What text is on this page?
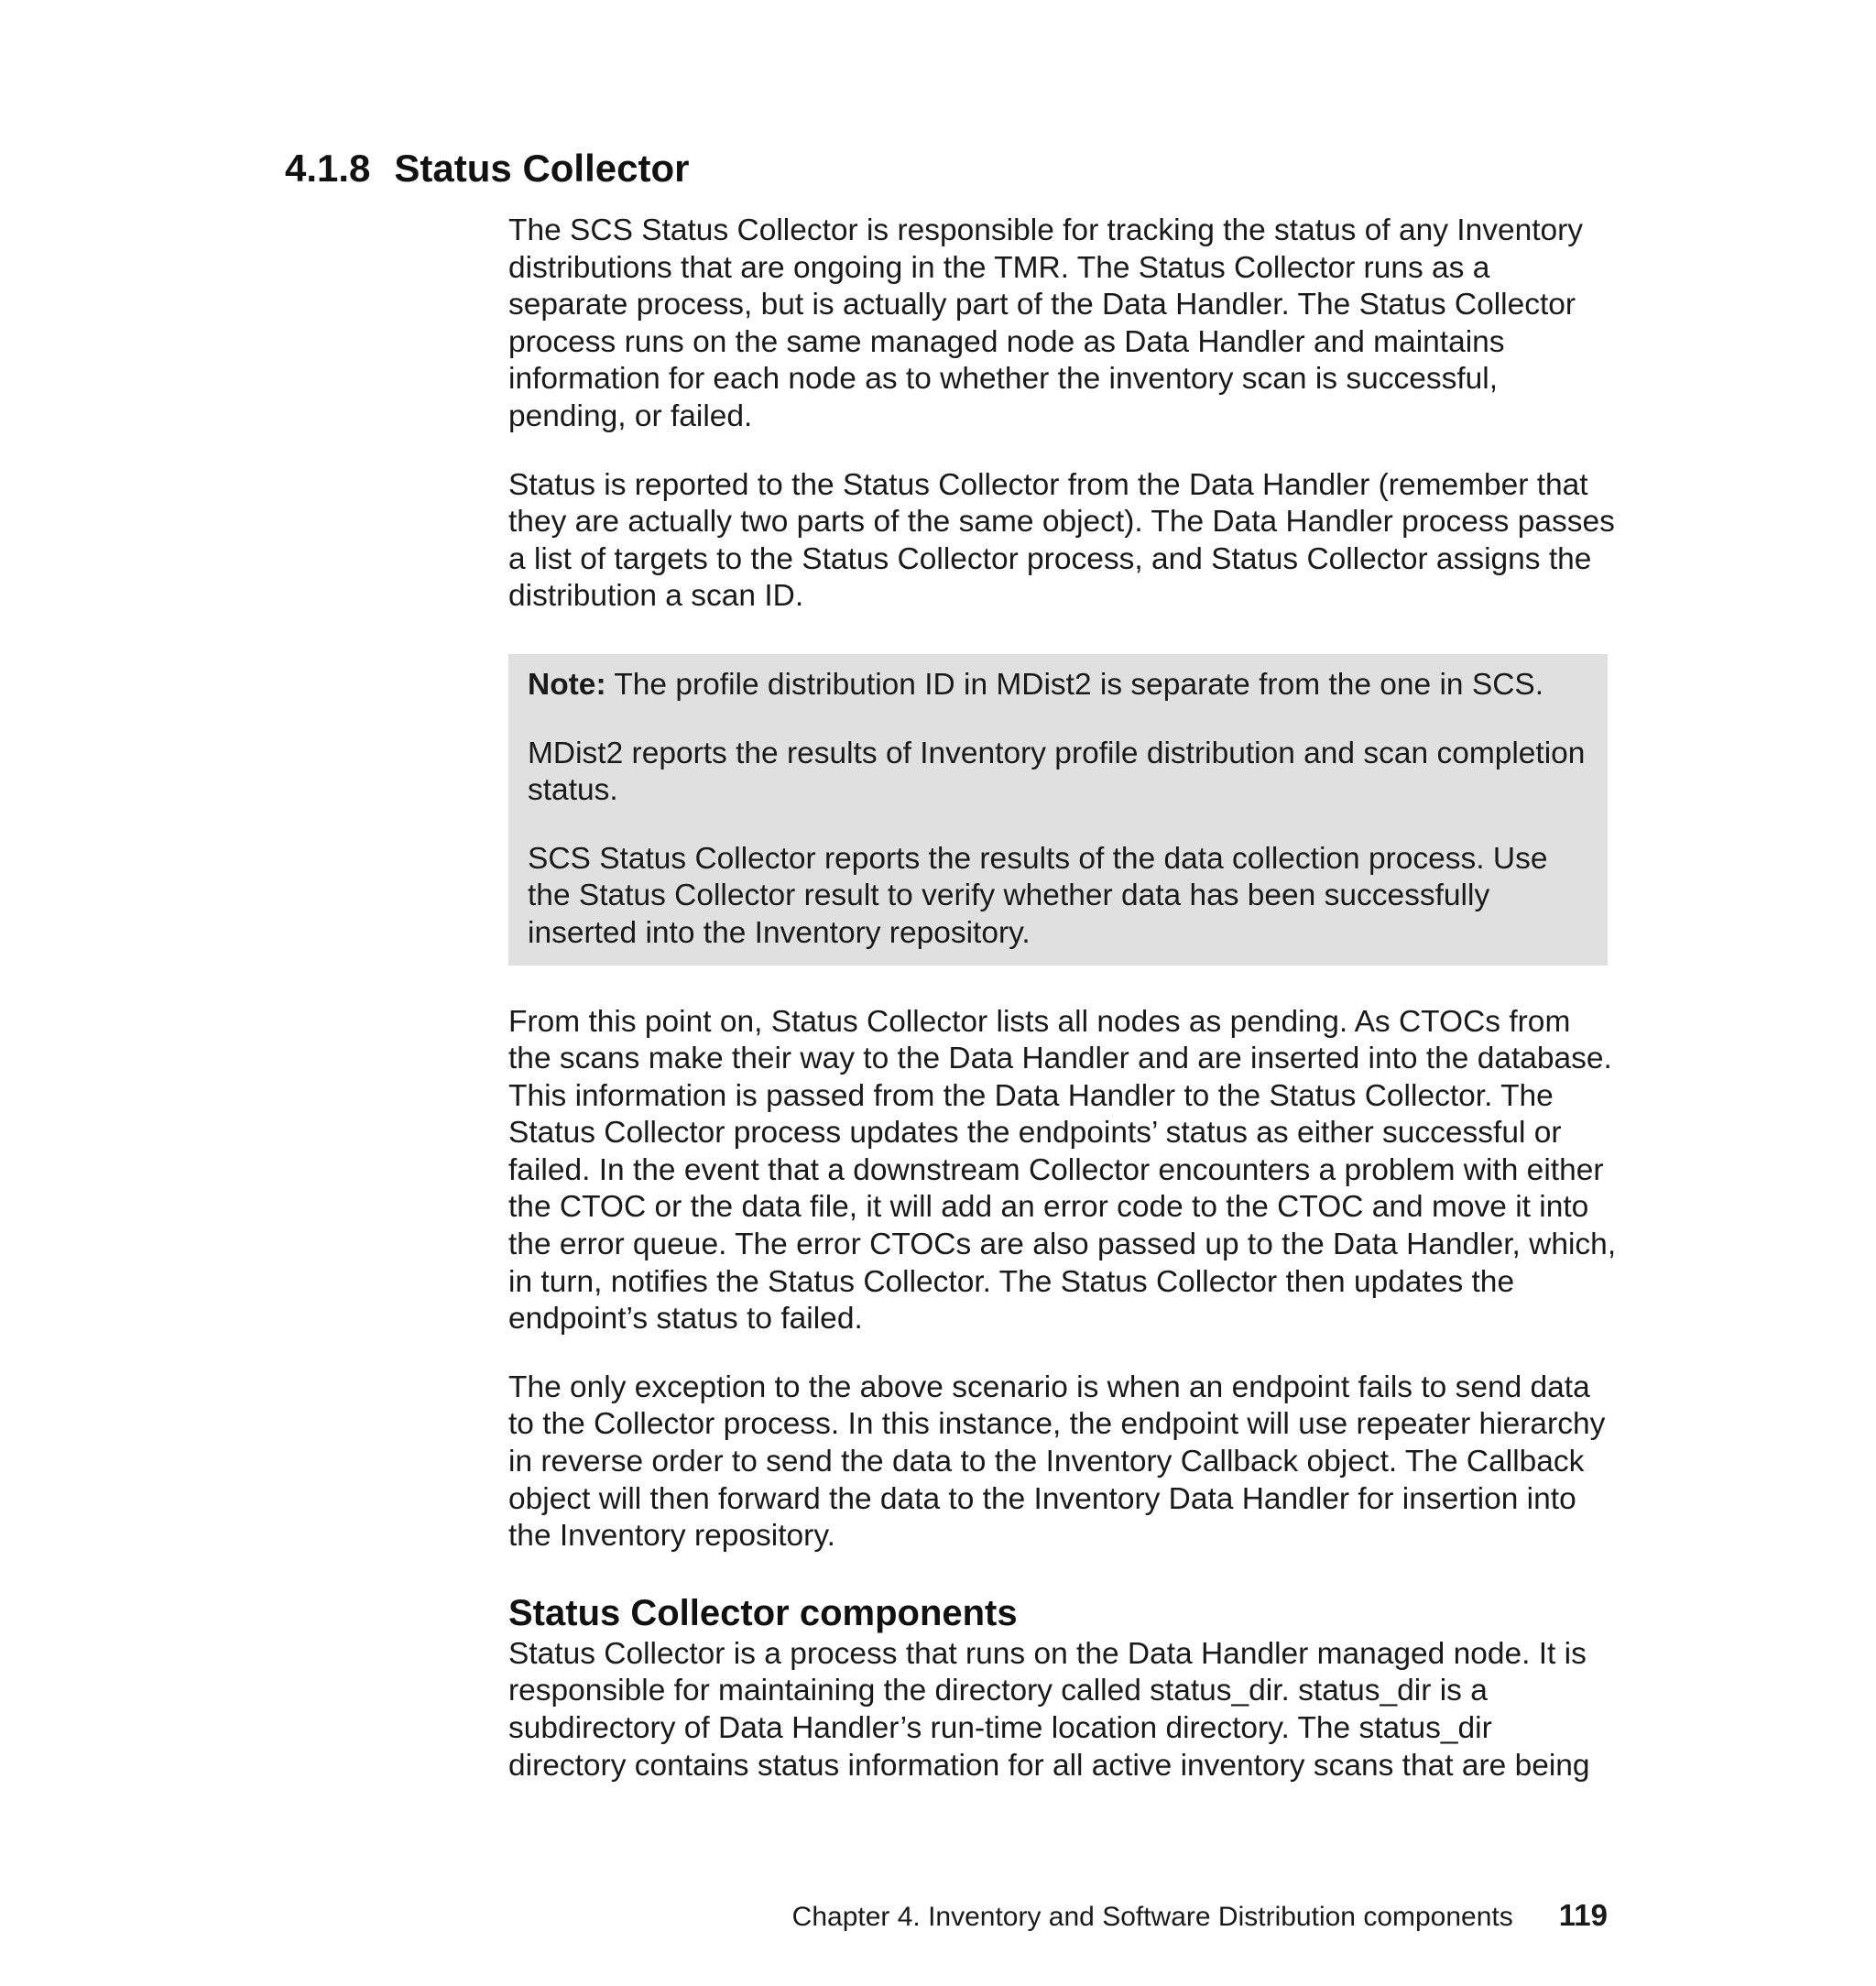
4.1.8 Status Collector

The SCS Status Collector is responsible for tracking the status of any Inventory distributions that are ongoing in the TMR. The Status Collector runs as a separate process, but is actually part of the Data Handler. The Status Collector process runs on the same managed node as Data Handler and maintains information for each node as to whether the inventory scan is successful, pending, or failed.

Status is reported to the Status Collector from the Data Handler (remember that they are actually two parts of the same object). The Data Handler process passes a list of targets to the Status Collector process, and Status Collector assigns the distribution a scan ID.

Note: The profile distribution ID in MDist2 is separate from the one in SCS.

MDist2 reports the results of Inventory profile distribution and scan completion status.

SCS Status Collector reports the results of the data collection process. Use the Status Collector result to verify whether data has been successfully inserted into the Inventory repository.

From this point on, Status Collector lists all nodes as pending. As CTOCs from the scans make their way to the Data Handler and are inserted into the database. This information is passed from the Data Handler to the Status Collector. The Status Collector process updates the endpoints’ status as either successful or failed. In the event that a downstream Collector encounters a problem with either the CTOC or the data file, it will add an error code to the CTOC and move it into the error queue. The error CTOCs are also passed up to the Data Handler, which, in turn, notifies the Status Collector. The Status Collector then updates the endpoint’s status to failed.

The only exception to the above scenario is when an endpoint fails to send data to the Collector process. In this instance, the endpoint will use repeater hierarchy in reverse order to send the data to the Inventory Callback object. The Callback object will then forward the data to the Inventory Data Handler for insertion into the Inventory repository.

Status Collector components

Status Collector is a process that runs on the Data Handler managed node. It is responsible for maintaining the directory called status_dir. status_dir is a subdirectory of Data Handler’s run-time location directory. The status_dir directory contains status information for all active inventory scans that are being

Chapter 4. Inventory and Software Distribution components 119
